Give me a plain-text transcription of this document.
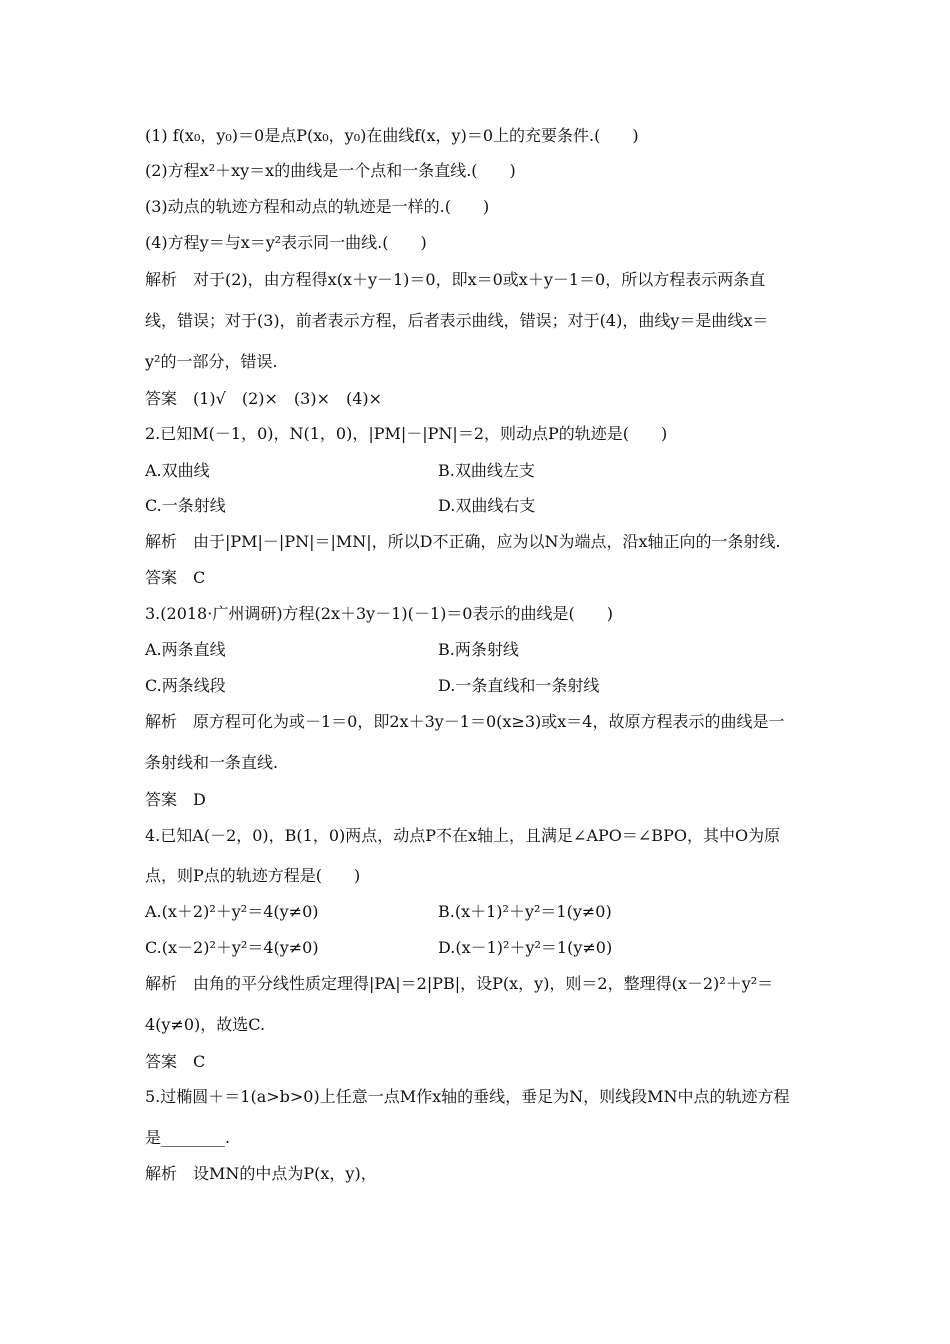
(1) f(x₀，y₀)＝0是点P(x₀，y₀)在曲线f(x，y)＝0上的充要条件.(　　)
(2)方程x²＋xy＝x的曲线是一个点和一条直线.(　　)
(3)动点的轨迹方程和动点的轨迹是一样的.(　　)
(4)方程y＝与x＝y²表示同一曲线.(　　)
解析　对于(2)，由方程得x(x＋y－1)＝0，即x＝0或x＋y－1＝0，所以方程表示两条直
线，错误；对于(3)，前者表示方程，后者表示曲线，错误；对于(4)，曲线y＝是曲线x＝
y²的一部分，错误.
答案　(1)√　(2)×　(3)×　(4)×
2.已知M(－1，0)，N(1，0)，|PM|－|PN|＝2，则动点P的轨迹是(　　)
A.双曲线	B.双曲线左支
C.一条射线	D.双曲线右支
解析　由于|PM|－|PN|＝|MN|，所以D不正确，应为以N为端点，沿x轴正向的一条射线.
答案　C
3.(2018·广州调研)方程(2x＋3y－1)(－1)＝0表示的曲线是(　　)
A.两条直线	B.两条射线
C.两条线段	D.一条直线和一条射线
解析　原方程可化为或－1＝0，即2x＋3y－1＝0(x≥3)或x＝4，故原方程表示的曲线是一
条射线和一条直线.
答案　D
4.已知A(－2，0)，B(1，0)两点，动点P不在x轴上，且满足∠APO＝∠BPO，其中O为原
点，则P点的轨迹方程是(　　)
A.(x＋2)²＋y²＝4(y≠0)	B.(x＋1)²＋y²＝1(y≠0)
C.(x－2)²＋y²＝4(y≠0)	D.(x－1)²＋y²＝1(y≠0)
解析　由角的平分线性质定理得|PA|＝2|PB|，设P(x，y)，则＝2，整理得(x－2)²＋y²＝
4(y≠0)，故选C.
答案　C
5.过椭圆＋＝1(a>b>0)上任意一点M作x轴的垂线，垂足为N，则线段MN中点的轨迹方程
是________.
解析　设MN的中点为P(x，y)，
